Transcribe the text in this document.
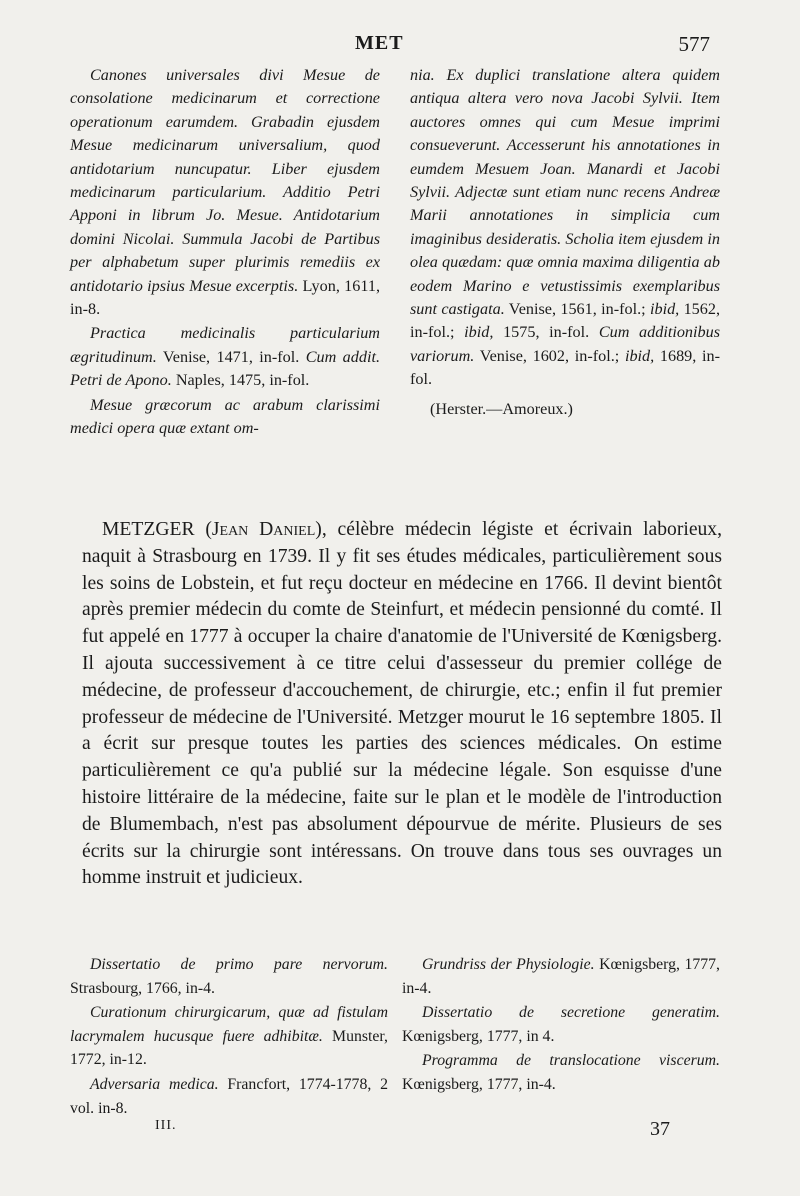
MET	577

Canones universales divi Mesue de consolatione medicinarum et correctione operationum earumdem. Grabadin ejusdem Mesue medicinarum universalium, quod antidotarium nuncupatur. Liber ejusdem medicinarum particularium. Additio Petri Apponi in librum Jo. Mesue. Antidotarium domini Nicolai. Summula Jacobi de Partibus per alphabetum super plurimis remediis ex antidotario ipsius Mesue excerptis. Lyon, 1611, in-8.

Practica medicinalis particularium ægritudinum. Venise, 1471, in-fol. Cum addit. Petri de Apono. Naples, 1475, in-fol.

Mesue græcorum ac arabum clarissimi medici opera quæ extant om-

nia. Ex duplici translatione altera quidem antiqua altera vero nova Jacobi Sylvii. Item auctores omnes qui cum Mesue imprimi consueverunt. Accesserunt his annotationes in eumdem Mesuem Joan. Manardi et Jacobi Sylvii. Adjectæ sunt etiam nunc recens Andreæ Marii annotationes in simplicia cum imaginibus desideratis. Scholia item ejusdem in olea quædam: quæ omnia maxima diligentia ab eodem Marino e vetustissimis exemplaribus sunt castigata. Venise, 1561, in-fol.; ibid, 1562, in-fol.; ibid, 1575, in-fol. Cum additionibus variorum. Venise, 1602, in-fol.; ibid, 1689, in-fol.

(Herster.—Amoreux.)

METZGER (Jean Daniel), célèbre médecin légiste et écrivain laborieux, naquit à Strasbourg en 1739. Il y fit ses études médicales, particulièrement sous les soins de Lobstein, et fut reçu docteur en médecine en 1766. Il devint bientôt après premier médecin du comte de Steinfurt, et médecin pensionné du comté. Il fut appelé en 1777 à occuper la chaire d'anatomie de l'Université de Kœnigsberg. Il ajouta successivement à ce titre celui d'assesseur du premier collége de médecine, de professeur d'accouchement, de chirurgie, etc.; enfin il fut premier professeur de médecine de l'Université. Metzger mourut le 16 septembre 1805. Il a écrit sur presque toutes les parties des sciences médicales. On estime particulièrement ce qu'a publié sur la médecine légale. Son esquisse d'une histoire littéraire de la médecine, faite sur le plan et le modèle de l'introduction de Blumembach, n'est pas absolument dépourvue de mérite. Plusieurs de ses écrits sur la chirurgie sont intéressans. On trouve dans tous ses ouvrages un homme instruit et judicieux.

Dissertatio de primo pare nervorum. Strasbourg, 1766, in-4.

Curationum chirurgicarum, quæ ad fistulam lacrymalem hucusque fuere adhibitæ. Munster, 1772, in-12.

Adversaria medica. Francfort, 1774-1778, 2 vol. in-8.

Grundriss der Physiologie. Kœnigsberg, 1777, in-4.

Dissertatio de secretione generatim. Kœnigsberg, 1777, in 4.

Programma de translocatione viscerum. Kœnigsberg, 1777, in-4.

III.	37
